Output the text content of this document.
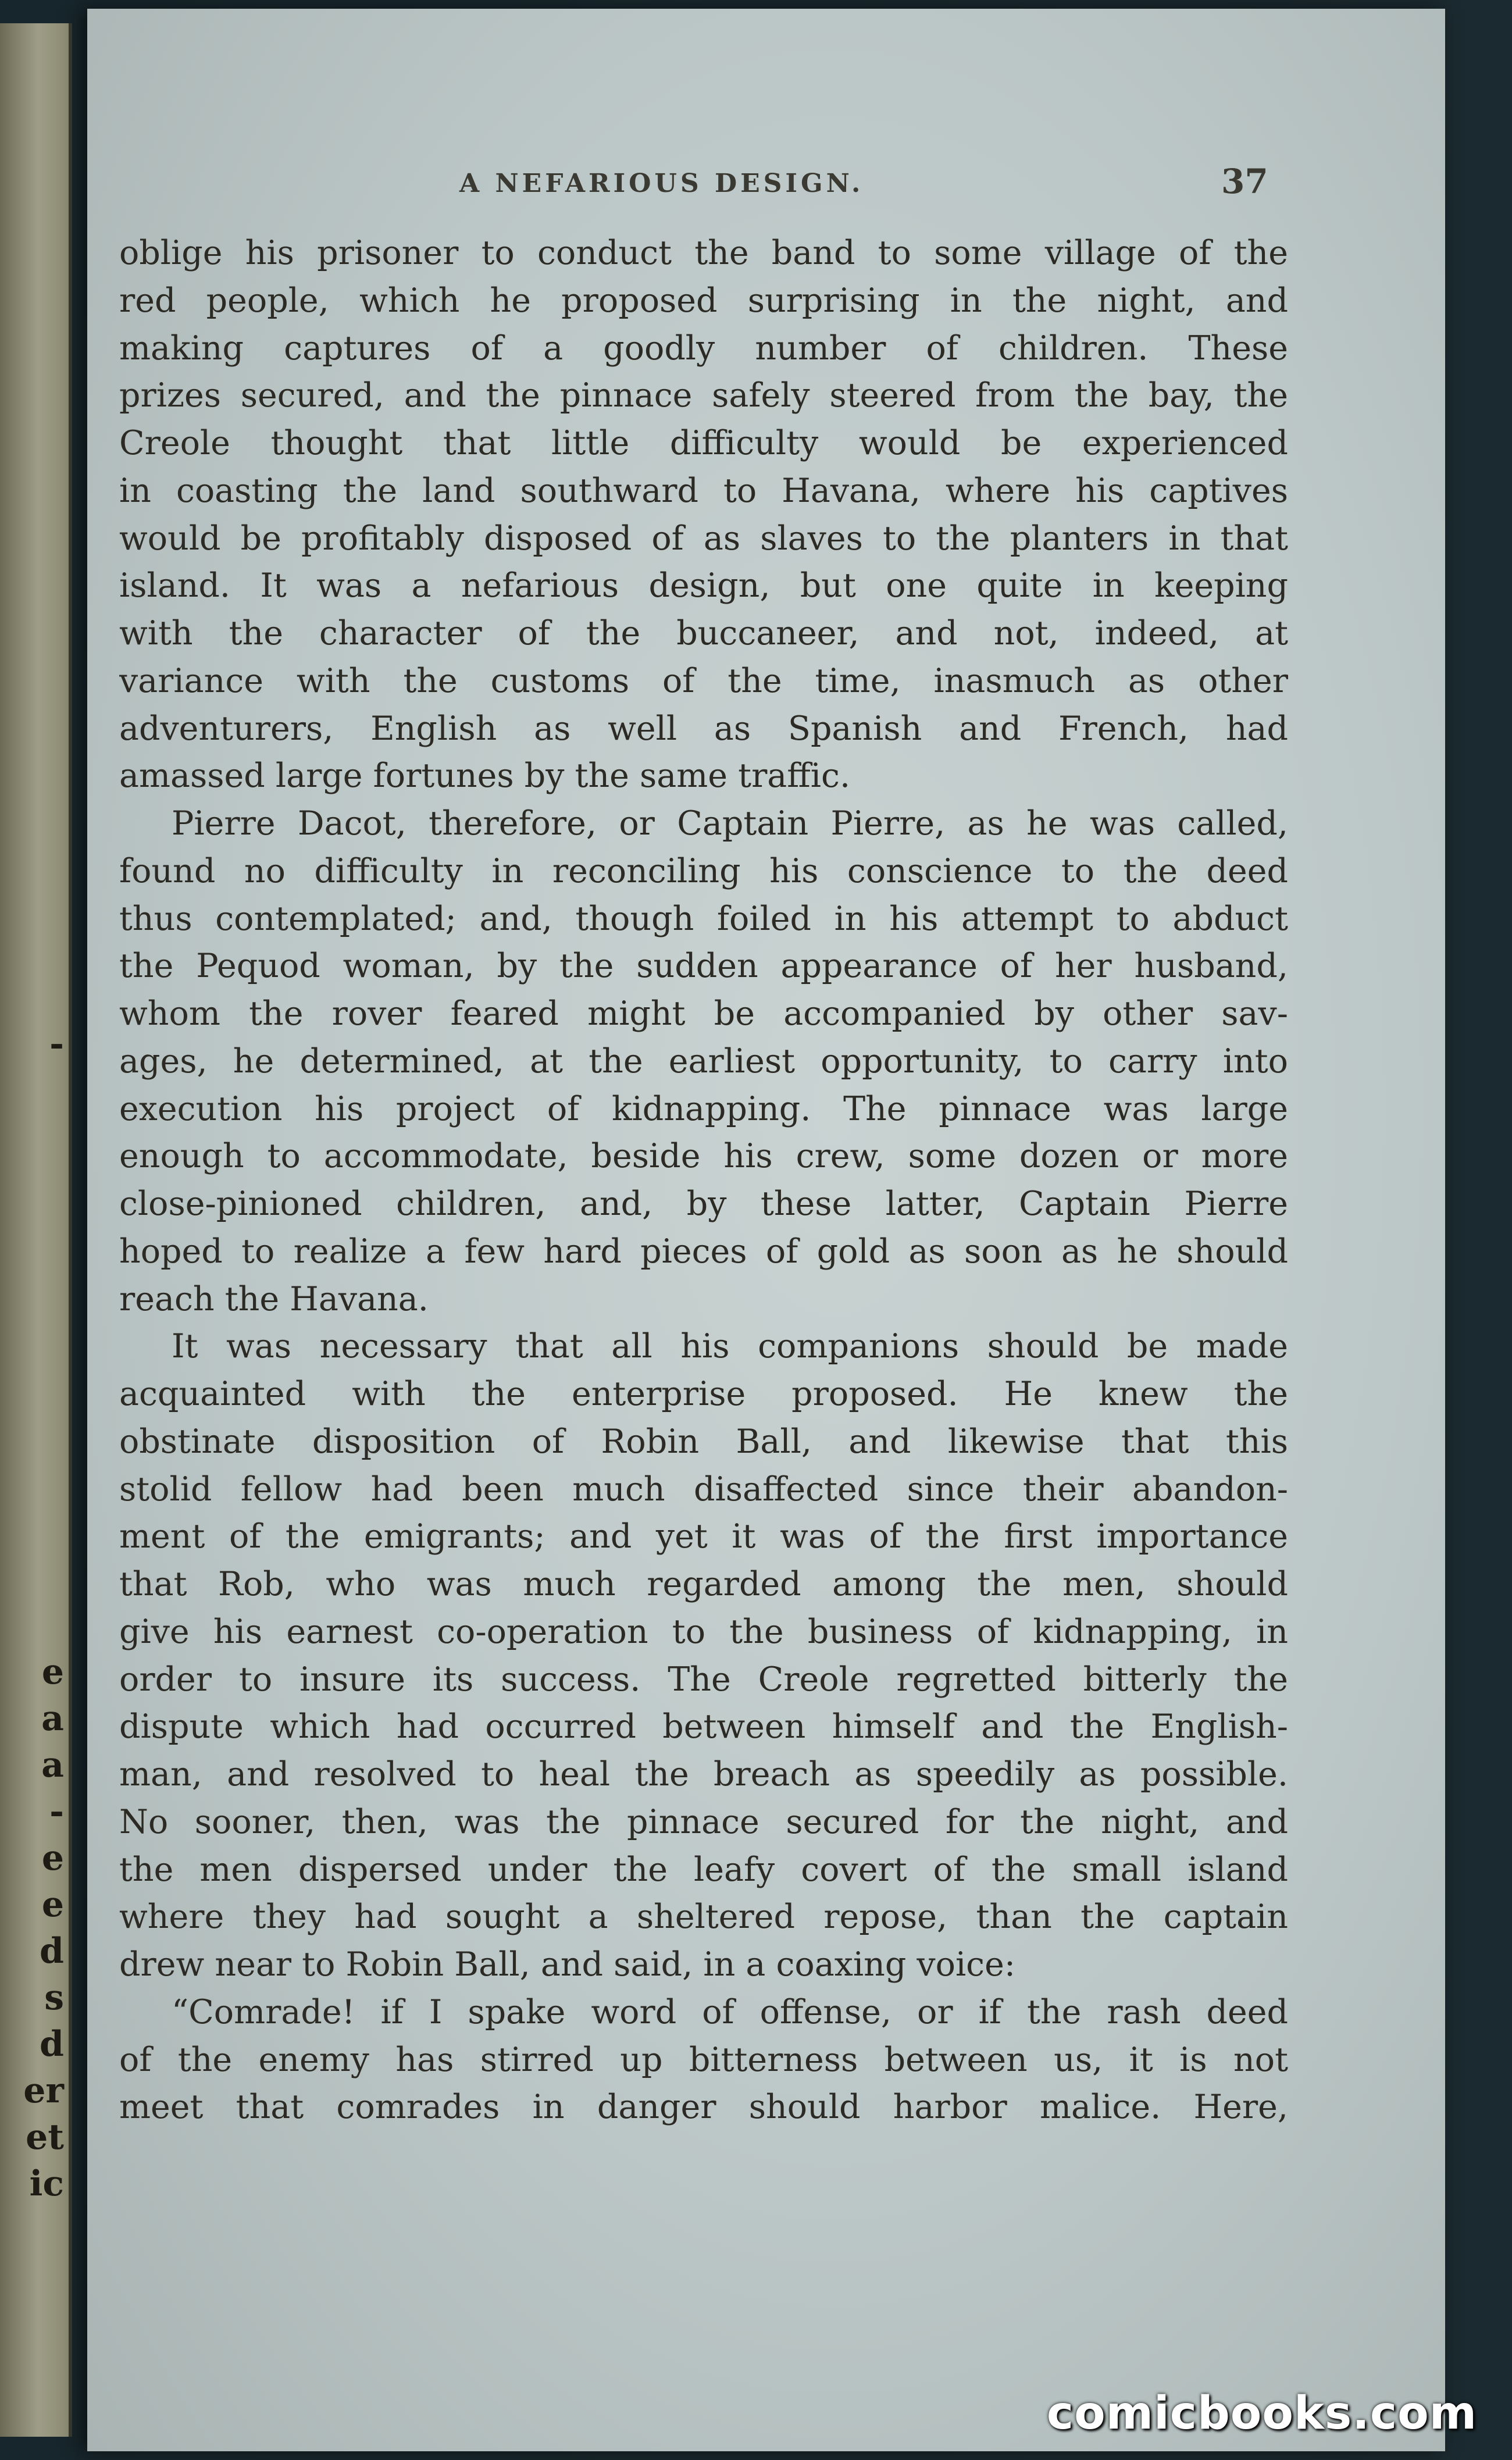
-
e
a
a
-
e
e
d
s
d
er
et
ic
A NEFARIOUS DESIGN.	37
oblige his prisoner to conduct the band to some village of the
red people, which he proposed surprising in the night, and
making captures of a goodly number of children. These
prizes secured, and the pinnace safely steered from the bay, the
Creole thought that little difficulty would be experienced
in coasting the land southward to Havana, where his captives
would be profitably disposed of as slaves to the planters in that
island. It was a nefarious design, but one quite in keeping
with the character of the buccaneer, and not, indeed, at
variance with the customs of the time, inasmuch as other
adventurers, English as well as Spanish and French, had
amassed large fortunes by the same traffic.
Pierre Dacot, therefore, or Captain Pierre, as he was called,
found no difficulty in reconciling his conscience to the deed
thus contemplated; and, though foiled in his attempt to abduct
the Pequod woman, by the sudden appearance of her husband,
whom the rover feared might be accompanied by other sav-
ages, he determined, at the earliest opportunity, to carry into
execution his project of kidnapping. The pinnace was large
enough to accommodate, beside his crew, some dozen or more
close-pinioned children, and, by these latter, Captain Pierre
hoped to realize a few hard pieces of gold as soon as he should
reach the Havana.
It was necessary that all his companions should be made
acquainted with the enterprise proposed. He knew the
obstinate disposition of Robin Ball, and likewise that this
stolid fellow had been much disaffected since their abandon-
ment of the emigrants; and yet it was of the first importance
that Rob, who was much regarded among the men, should
give his earnest co-operation to the business of kidnapping, in
order to insure its success. The Creole regretted bitterly the
dispute which had occurred between himself and the English-
man, and resolved to heal the breach as speedily as possible.
No sooner, then, was the pinnace secured for the night, and
the men dispersed under the leafy covert of the small island
where they had sought a sheltered repose, than the captain
drew near to Robin Ball, and said, in a coaxing voice:
“Comrade! if I spake word of offense, or if the rash deed
of the enemy has stirred up bitterness between us, it is not
meet that comrades in danger should harbor malice. Here,
comicbooks.com
